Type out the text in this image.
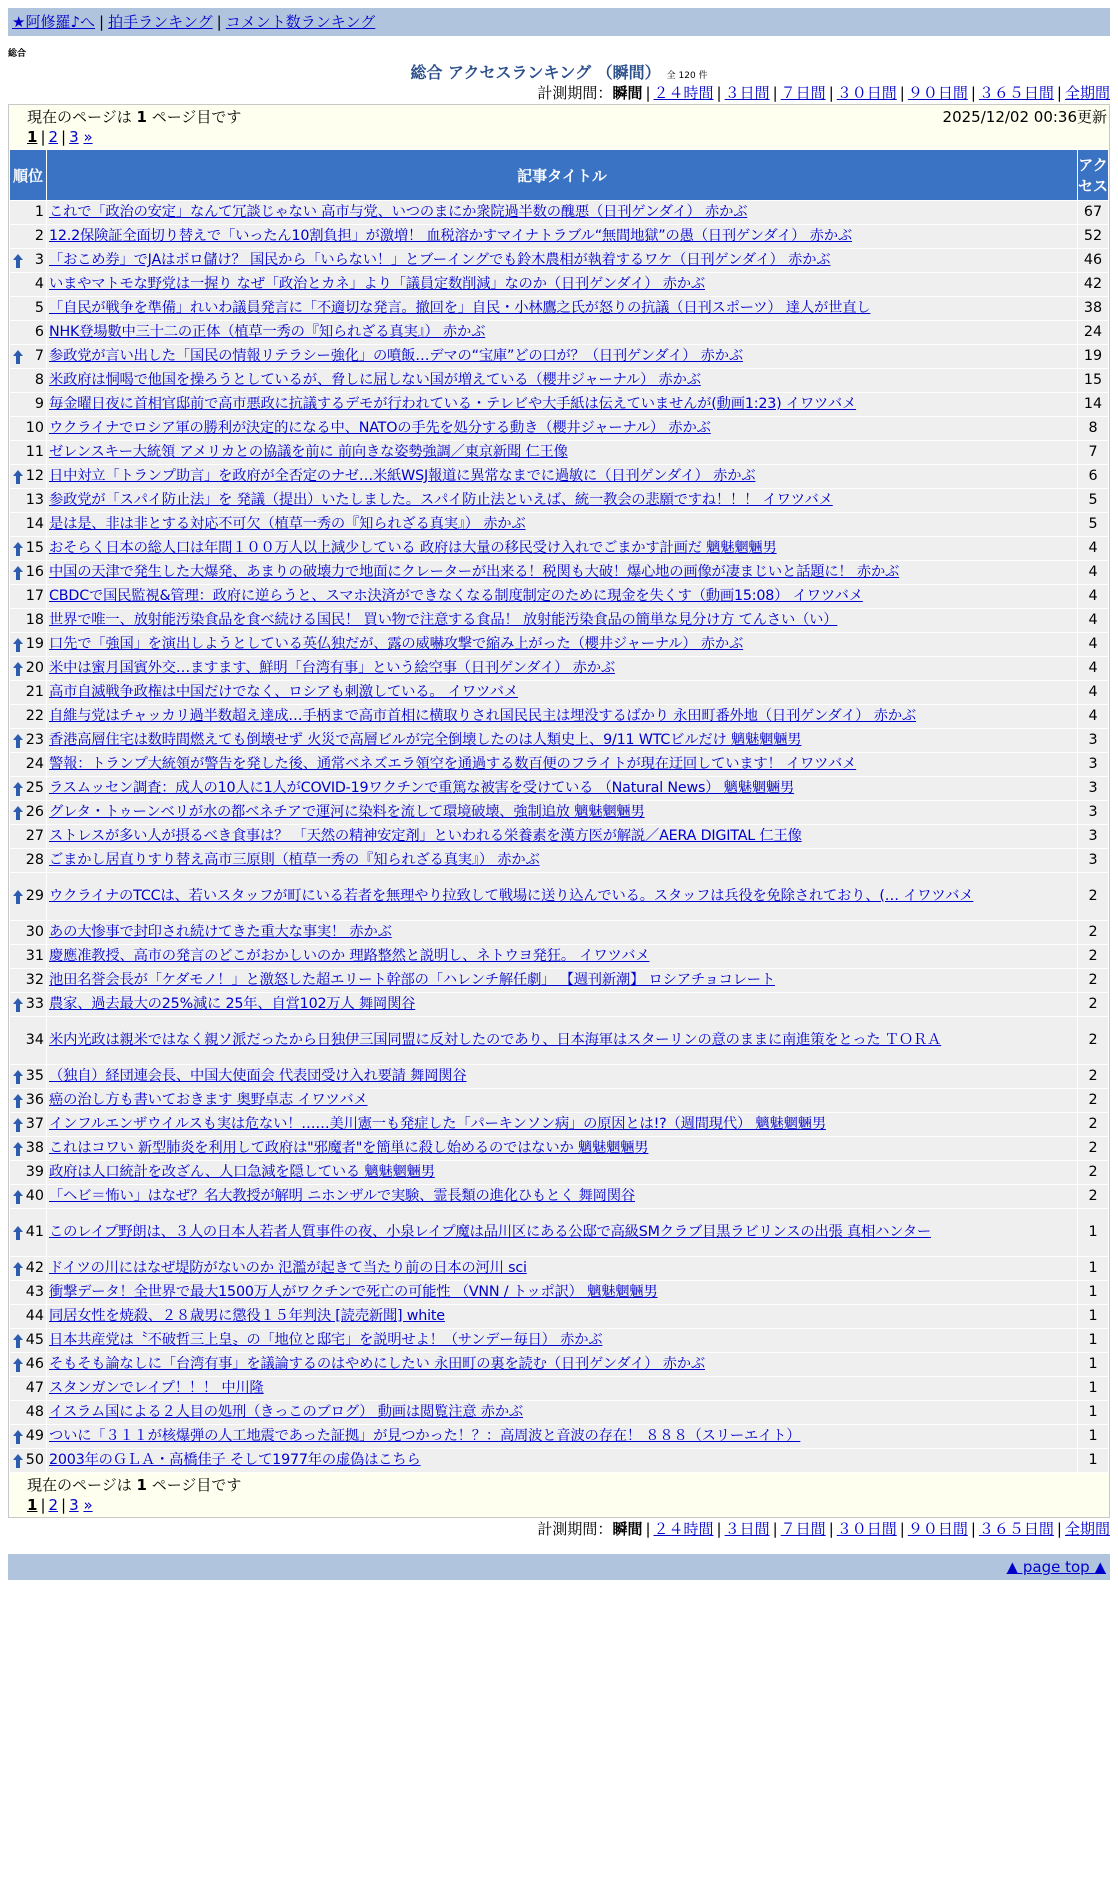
★阿修羅♪へ | 拍手ランキング | コメント数ランキング
総合
総合 アクセスランキング （瞬間） 全 120 件
計測期間：瞬間 | ２４時間 | ３日間 | ７日間 | ３０日間 | ９０日間 | ３６５日間 | 全期間
現在のページは 1 ページ目です	2025/12/02 00:36更新
1 | 2 | 3 »
順位	記事タイトル	アクセス
1	これで「政治の安定」なんて冗談じゃない 高市与党、いつのまにか衆院過半数の醜悪（日刊ゲンダイ） 赤かぶ	67
2	12.2保険証全面切り替えで「いったん10割負担」が激増！ 血税溶かすマイナトラブル“無間地獄”の愚（日刊ゲンダイ） 赤かぶ	52

3	「おこめ券」でJAはボロ儲け？ 国民から「いらない！」とブーイングでも鈴木農相が執着するワケ（日刊ゲンダイ） 赤かぶ	46
4	いまやマトモな野党は一握り なぜ「政治とカネ」より「議員定数削減」なのか（日刊ゲンダイ） 赤かぶ	42
5	「自民が戦争を準備」れいわ議員発言に「不適切な発言。撤回を」自民・小林鷹之氏が怒りの抗議（日刊スポーツ） 達人が世直し	38
6	NHK登場數中三十二の正体（植草一秀の『知られざる真実』） 赤かぶ	24

7	参政党が言い出した「国民の情報リテラシー強化」の噴飯…デマの“宝庫”どの口が？（日刊ゲンダイ） 赤かぶ	19
8	米政府は恫喝で他国を操ろうとしているが、脅しに屈しない国が増えている（櫻井ジャーナル） 赤かぶ	15
9	毎金曜日夜に首相官邸前で高市悪政に抗議するデモが行われている・テレビや大手紙は伝えていませんが(動画1:23) イワツバメ	14
10	ウクライナでロシア軍の勝利が決定的になる中、NATOの手先を処分する動き（櫻井ジャーナル） 赤かぶ	8
11	ゼレンスキー大統領 アメリカとの協議を前に 前向きな姿勢強調／東京新聞 仁王像	7

12	日中対立「トランプ助言」を政府が全否定のナゼ…米紙WSJ報道に異常なまでに過敏に（日刊ゲンダイ） 赤かぶ	6
13	参政党が「スパイ防止法」を 発議（提出）いたしました。スパイ防止法といえば、統一教会の悲願ですね！！！ イワツバメ	5
14	是は是、非は非とする対応不可欠（植草一秀の『知られざる真実』） 赤かぶ	5

15	おそらく日本の総人口は年間１００万人以上減少している 政府は大量の移民受け入れでごまかす計画だ 魑魅魍魎男	4

16	中国の天津で発生した大爆発、あまりの破壊力で地面にクレーターが出来る！税関も大破！爆心地の画像が凄まじいと話題に！ 赤かぶ	4
17	CBDCで国民監視&管理：政府に逆らうと、スマホ決済ができなくなる制度制定のために現金を失くす（動画15:08） イワツバメ	4
18	世界で唯一、放射能汚染食品を食べ続ける国民！ 買い物で注意する食品！ 放射能汚染食品の簡単な見分け方 てんさい（い）	4

19	口先で「強国」を演出しようとしている英仏独だが、露の威嚇攻撃で縮み上がった（櫻井ジャーナル） 赤かぶ	4

20	米中は蜜月国賓外交…ますます、鮮明「台湾有事」という絵空事（日刊ゲンダイ） 赤かぶ	4
21	高市自滅戦争政権は中国だけでなく、ロシアも刺激している。 イワツバメ	4
22	自維与党はチャッカリ過半数超え達成…手柄まで高市首相に横取りされ国民民主は埋没するばかり 永田町番外地（日刊ゲンダイ） 赤かぶ	4

23	香港高層住宅は数時間燃えても倒壊せず 火災で高層ビルが完全倒壊したのは人類史上、9/11 WTCビルだけ 魑魅魍魎男	3
24	警報：トランプ大統領が警告を発した後、通常ベネズエラ領空を通過する数百便のフライトが現在迂回しています！ イワツバメ	3

25	ラスムッセン調査：成人の10人に1人がCOVID-19ワクチンで重篤な被害を受けている （Natural News） 魑魅魍魎男	3

26	グレタ・トゥーンベリが水の都ベネチアで運河に染料を流して環境破壊、強制追放 魑魅魍魎男	3
27	ストレスが多い人が摂るべき食事は？ 「天然の精神安定剤」といわれる栄養素を漢方医が解説／AERA DIGITAL 仁王像	3
28	ごまかし居直りすり替え高市三原則（植草一秀の『知られざる真実』） 赤かぶ	3

29	ウクライナのTCCは、若いスタッフが町にいる若者を無理やり拉致して戦場に送り込んでいる。スタッフは兵役を免除されており、(… イワツバメ	2
30	あの大惨事で封印され続けてきた重大な事実！ 赤かぶ	2
31	慶應准教授、高市の発言のどこがおかしいのか 理路整然と説明し、ネトウヨ発狂。 イワツバメ	2
32	池田名誉会長が「ケダモノ！」と激怒した超エリート幹部の「ハレンチ解任劇」 【週刊新潮】 ロシアチョコレート	2

33	農家、過去最大の25%減に 25年、自営102万人 舞岡関谷	2
34	米内光政は親米ではなく親ソ派だったから日独伊三国同盟に反対したのであり、日本海軍はスターリンの意のままに南進策をとった ＴＯＲＡ	2

35	（独自）経団連会長、中国大使面会 代表団受け入れ要請 舞岡関谷	2

36	癌の治し方も書いておきます 奥野卓志 イワツバメ	2

37	インフルエンザウイルスも実は危ない！……美川憲一も発症した「パーキンソン病」の原因とは!?（週間現代） 魑魅魍魎男	2

38	これはコワい 新型肺炎を利用して政府は"邪魔者"を簡単に殺し始めるのではないか 魑魅魍魎男	2
39	政府は人口統計を改ざん、人口急減を隠している 魑魅魍魎男	2

40	「ヘビ＝怖い」はなぜ？名大教授が解明 ニホンザルで実験、霊長類の進化ひもとく 舞岡関谷	2

41	このレイプ野朗は、３人の日本人若者人質事件の夜、小泉レイプ魔は品川区にある公邸で高級SMクラブ目黒ラビリンスの出張 真相ハンター	1

42	ドイツの川にはなぜ堤防がないのか 氾濫が起きて当たり前の日本の河川 sci	1
43	衝撃データ！全世界で最大1500万人がワクチンで死亡の可能性 （VNN / トッポ訳） 魑魅魍魎男	1
44	同居女性を焼殺、２８歳男に懲役１５年判決 [読売新聞] white	1

45	日本共産党は〝不破哲三上皇〟の「地位と邸宅」を説明せよ！（サンデー毎日） 赤かぶ	1

46	そもそも論なしに「台湾有事」を議論するのはやめにしたい 永田町の裏を読む（日刊ゲンダイ） 赤かぶ	1
47	スタンガンでレイプ！！！ 中川隆	1
48	イスラム国による２人目の処刑（きっこのブログ） 動画は閲覧注意 赤かぶ	1

49	ついに「３１１が核爆弾の人工地震であった証拠」が見つかった！？：高周波と音波の存在！ ８８８（スリーエイト）	1

50	2003年のＧＬＡ・高橋佳子 そして1977年の虚偽はこちら	1
現在のページは 1 ページ目です
1 | 2 | 3 »
計測期間：瞬間 | ２４時間 | ３日間 | ７日間 | ３０日間 | ９０日間 | ３６５日間 | 全期間
▲ page top ▲
